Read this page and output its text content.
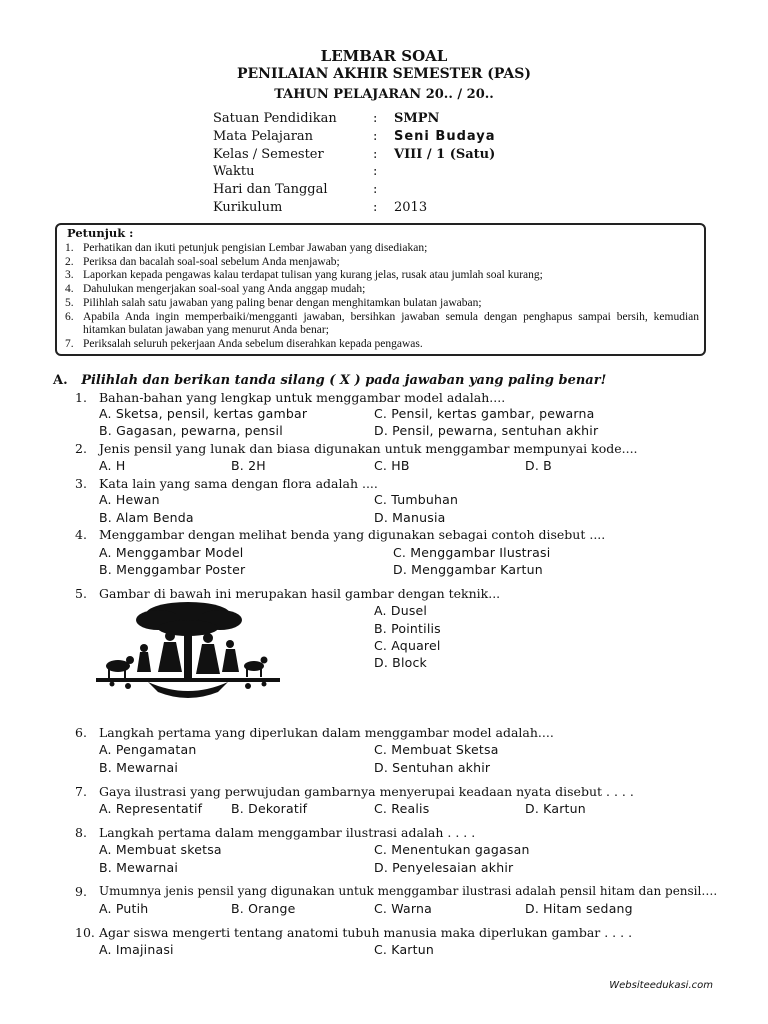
LEMBAR SOAL
PENILAIAN AKHIR SEMESTER (PAS)
TAHUN PELAJARAN 20.. / 20..
Satuan Pendidikan	: SMPN
Mata Pelajaran	: Seni Budaya
Kelas / Semester	: VIII / 1 (Satu)
Waktu	:
Hari dan Tanggal	:
Kurikulum	: 2013
Petunjuk :
1. Perhatikan dan ikuti petunjuk pengisian Lembar Jawaban yang disediakan;
2. Periksa dan bacalah soal-soal sebelum Anda menjawab;
3. Laporkan kepada pengawas kalau terdapat tulisan yang kurang jelas, rusak atau jumlah soal kurang;
4. Dahulukan mengerjakan soal-soal yang Anda anggap mudah;
5. Pilihlah salah satu jawaban yang paling benar dengan menghitamkan bulatan jawaban;
6. Apabila Anda ingin memperbaiki/mengganti jawaban, bersihkan jawaban semula dengan penghapus sampai bersih, kemudian hitamkan bulatan jawaban yang menurut Anda benar;
7. Periksalah seluruh pekerjaan Anda sebelum diserahkan kepada pengawas.
A. Pilihlah dan berikan tanda silang ( X ) pada jawaban yang paling benar!
1. Bahan-bahan yang lengkap untuk menggambar model adalah....
A. Sketsa, pensil, kertas gambar
B. Gagasan, pewarna, pensil
C. Pensil, kertas gambar, pewarna
D. Pensil, pewarna, sentuhan akhir
2. Jenis pensil yang lunak dan biasa digunakan untuk menggambar mempunyai kode....
A. H	B. 2H	C. HB	D. B
3. Kata lain yang sama dengan flora adalah ....
A. Hewan
B. Alam Benda
C. Tumbuhan
D. Manusia
4. Menggambar dengan melihat benda yang digunakan sebagai contoh disebut ....
A. Menggambar Model
B. Menggambar Poster
C. Menggambar Ilustrasi
D. Menggambar Kartun
5. Gambar di bawah ini merupakan hasil gambar dengan teknik...
A. Dusel
B. Pointilis
C. Aquarel
D. Block
6. Langkah pertama yang diperlukan dalam menggambar model adalah....
A. Pengamatan
B. Mewarnai
C. Membuat Sketsa
D. Sentuhan akhir
7. Gaya ilustrasi yang perwujudan gambarnya menyerupai keadaan nyata disebut . . . .
A. Representatif B. Dekoratif	C. Realis	D. Kartun
8. Langkah pertama dalam menggambar ilustrasi adalah . . . .
A. Membuat sketsa
B. Mewarnai
C. Menentukan gagasan
D. Penyelesaian akhir
9. Umumnya jenis pensil yang digunakan untuk menggambar ilustrasi adalah pensil hitam dan pensil….
A. Putih	B. Orange	C. Warna	D. Hitam sedang
10. Agar siswa mengerti tentang anatomi tubuh manusia maka diperlukan gambar . . . .
A. Imajinasi	C. Kartun
Websiteedukasi.com
